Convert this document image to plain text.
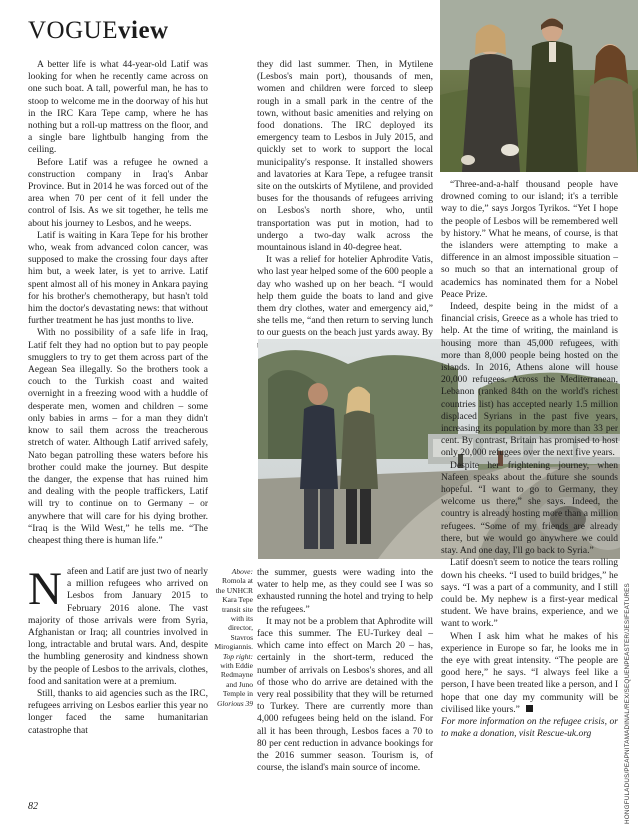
VOGUEview

A better life is what 44-year-old Latif was looking for when he recently came across on one such boat. A tall, powerful man, he has to stoop to welcome me in the doorway of his hut in the IRC Kara Tepe camp, where he has nothing but a roll-up mattress on the floor, and a single bare lightbulb hanging from the ceiling.

Before Latif was a refugee he owned a construction company in Iraq's Anbar Province. But in 2014 he was forced out of the area when 70 per cent of it fell under the control of Isis. As we sit together, he tells me about his journey to Lesbos, and he weeps.

Latif is waiting in Kara Tepe for his brother who, weak from advanced colon cancer, was supposed to make the crossing four days after him but, a week later, is yet to arrive. Latif spent almost all of his money in Ankara paying for his brother's chemotherapy, but hasn't told him the doctor's devastating news: that without further treatment he has just months to live.

With no possibility of a safe life in Iraq, Latif felt they had no option but to pay people smugglers to try to get them across part of the Aegean Sea illegally. So the brothers took a couch to the Turkish coast and waited overnight in a freezing wood with a huddle of desperate men, women and children – some only babies in arms – for a man they didn't know to sail them across the treacherous stretch of water. Although Latif arrived safely, Nato began patrolling these waters before his brother could make the journey. But despite the danger, the expense that has ruined him and dealing with the people traffickers, Latif will try to continue on to Germany – or anywhere that will care for his dying brother. “Iraq is the Wild West,” he tells me. “The cheapest thing there is human life.”

Nafeen and Latif are just two of nearly a million refugees who arrived on Lesbos from January 2015 to February 2016 alone. The vast majority of those arrivals were from Syria, Afghanistan or Iraq; all countries involved in long, intractable and brutal wars. And, despite the humbling generosity and kindness shown by the people of Lesbos to the arrivals, clothes, food and sanitation were at a premium.

Still, thanks to aid agencies such as the IRC, refugees arriving on Lesbos earlier this year no longer faced the same humanitarian catastrophe that

they did last summer. Then, in Mytilene (Lesbos's main port), thousands of men, women and children were forced to sleep rough in a small park in the centre of the town, without basic amenities and relying on food donations. The IRC deployed its emergency team to Lesbos in July 2015, and quickly set to work to support the local municipality's response. It installed showers and lavatories at Kara Tepe, a refugee transit site on the outskirts of Mytilene, and provided buses for the thousands of refugees arriving on Lesbos's north shore, who, until transportation was put in motion, had to undergo a two-day walk across the mountainous island in 40-degree heat.

It was a relief for hotelier Aphrodite Vatis, who last year helped some of the 600 people a day who washed up on her beach. “I would help them guide the boats to land and give them dry clothes, water and emergency aid,” she tells me, “and then return to serving lunch to our guests on the beach just yards away. By

Above: Romola at the UNHCR Kara Tepe transit site with its director, Stavros Mirogiannis. Top right: with Eddie Redmayne and Juno Temple in Glorious 39

the summer, guests were wading into the water to help me, as they could see I was so exhausted running the hotel and trying to help the refugees.”

It may not be a problem that Aphrodite will face this summer. The EU-Turkey deal – which came into effect on March 20 – has, certainly in the short-term, reduced the number of arrivals on Lesbos's shores, and all of those who do arrive are detained with the very real possibility that they will be returned to Turkey. There are currently more than 4,000 refugees being held on the island. For all it has been through, Lesbos faces a 70 to 80 per cent reduction in advance bookings for the 2016 summer season. Tourism is, of course, the island's main source of income.

“Three-and-a-half thousand people have drowned coming to our island; it's a terrible way to die,” says Jorgos Tyrikos. “Yet I hope the people of Lesbos will be remembered well by history.” What he means, of course, is that the islanders were attempting to make a difference in an almost impossible situation – so much so that an international group of academics has nominated them for a Nobel Peace Prize.

Indeed, despite being in the midst of a financial crisis, Greece as a whole has tried to help. At the time of writing, the mainland is housing more than 45,000 refugees, with more than 8,000 people being hosted on the islands. In 2016, Athens alone will house 20,000 refugees. Across the Mediterranean, Lebanon (ranked 84th on the world's richest countries list) has accepted nearly 1.5 million displaced Syrians in the past five years, increasing its population by more than 33 per cent. By contrast, Britain has promised to host only 20,000 refugees over the next five years.

Despite her frightening journey, when Nafeen speaks about the future she sounds hopeful. “I want to go to Germany, they welcome us there,” she says. Indeed, the country is already hosting more than a million refugees. “Some of my friends are already there, but we would go anywhere we could stay. And one day, I'll go back to Syria.”

Latif doesn't seem to notice the tears rolling down his cheeks. “I used to build bridges,” he says. “I was a part of a community, and I still could be. My nephew is a first-year medical student. We have brains, experience, and we want to work.”

When I ask him what he makes of his experience in Europe so far, he looks me in the eye with great intensity. “The people are good here,” he says. “I always feel like a person, I have been treated like a person, and I hope that one day my community will be civilised like yours.”

For more information on the refugee crisis, or to make a donation, visit Rescue-uk.org	HONGFULADUS/PEAPNITAMADINAL/REX/SEQUENPEASTER/JESIFEATURES
82
